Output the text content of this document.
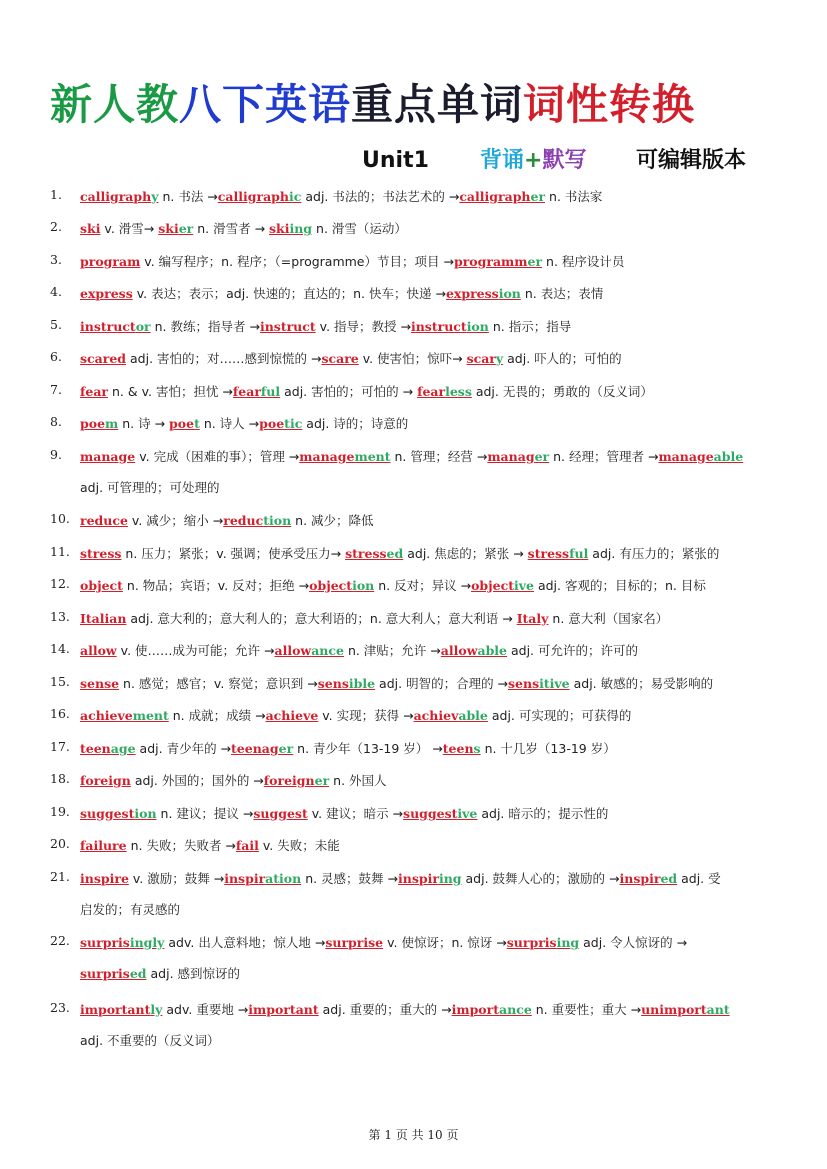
新人教八下英语重点单词词性转换
Unit1 背诵+默写 可编辑版本
1.	calligraphy n. 书法 →calligraphic adj. 书法的；书法艺术的 →calligrapher n. 书法家
2.	ski v. 滑雪→ skier n. 滑雪者 → skiing n. 滑雪（运动）
3.	program v. 编写程序；n. 程序；（=programme）节目；项目 →programmer n. 程序设计员
4.	express v. 表达；表示；adj. 快速的；直达的；n. 快车；快递 →expression n. 表达；表情
5.	instructor n. 教练；指导者 →instruct v. 指导；教授 →instruction n. 指示；指导
6.	scared adj. 害怕的；对……感到惊慌的 →scare v. 使害怕；惊吓→ scary adj. 吓人的；可怕的
7.	fear n. & v. 害怕；担忧 →fearful adj. 害怕的；可怕的 → fearless adj. 无畏的；勇敢的（反义词）
8.	poem n. 诗 → poet n. 诗人 →poetic adj. 诗的；诗意的
9.	manage v. 完成（困难的事）；管理 →management n. 管理；经营 →manager n. 经理；管理者 →manageable
adj. 可管理的；可处理的
10. reduce v. 减少；缩小 →reduction n. 减少；降低
11. stress n. 压力；紧张；v. 强调；使承受压力→ stressed adj. 焦虑的；紧张 → stressful adj. 有压力的；紧张的
12. object n. 物品；宾语；v. 反对；拒绝 →objection n. 反对；异议 →objective adj. 客观的；目标的；n. 目标
13. Italian adj. 意大利的；意大利人的；意大利语的；n. 意大利人；意大利语 → Italy n. 意大利（国家名）
14. allow v. 使……成为可能；允许 →allowance n. 津贴；允许 →allowable adj. 可允许的；许可的
15. sense n. 感觉；感官；v. 察觉；意识到 →sensible adj. 明智的；合理的 →sensitive adj. 敏感的；易受影响的
16. achievement n. 成就；成绩 →achieve v. 实现；获得 →achievable adj. 可实现的；可获得的
17. teenage adj. 青少年的 →teenager n. 青少年（13-19 岁） →teens n. 十几岁（13-19 岁）
18. foreign adj. 外国的；国外的 →foreigner n. 外国人
19. suggestion n. 建议；提议 →suggest v. 建议；暗示 →suggestive adj. 暗示的；提示性的
20. failure n. 失败；失败者 →fail v. 失败；未能
21. inspire v. 激励；鼓舞 →inspiration n. 灵感；鼓舞 →inspiring adj. 鼓舞人心的；激励的 →inspired adj. 受
启发的；有灵感的
22. surprisingly adv. 出人意料地；惊人地 →surprise v. 使惊讶；n. 惊讶 →surprising adj. 令人惊讶的 →
surprised adj. 感到惊讶的
23. importantly adv. 重要地 →important adj. 重要的；重大的 →importance n. 重要性；重大 →unimportant
adj. 不重要的（反义词）
第 1 页 共 10 页
